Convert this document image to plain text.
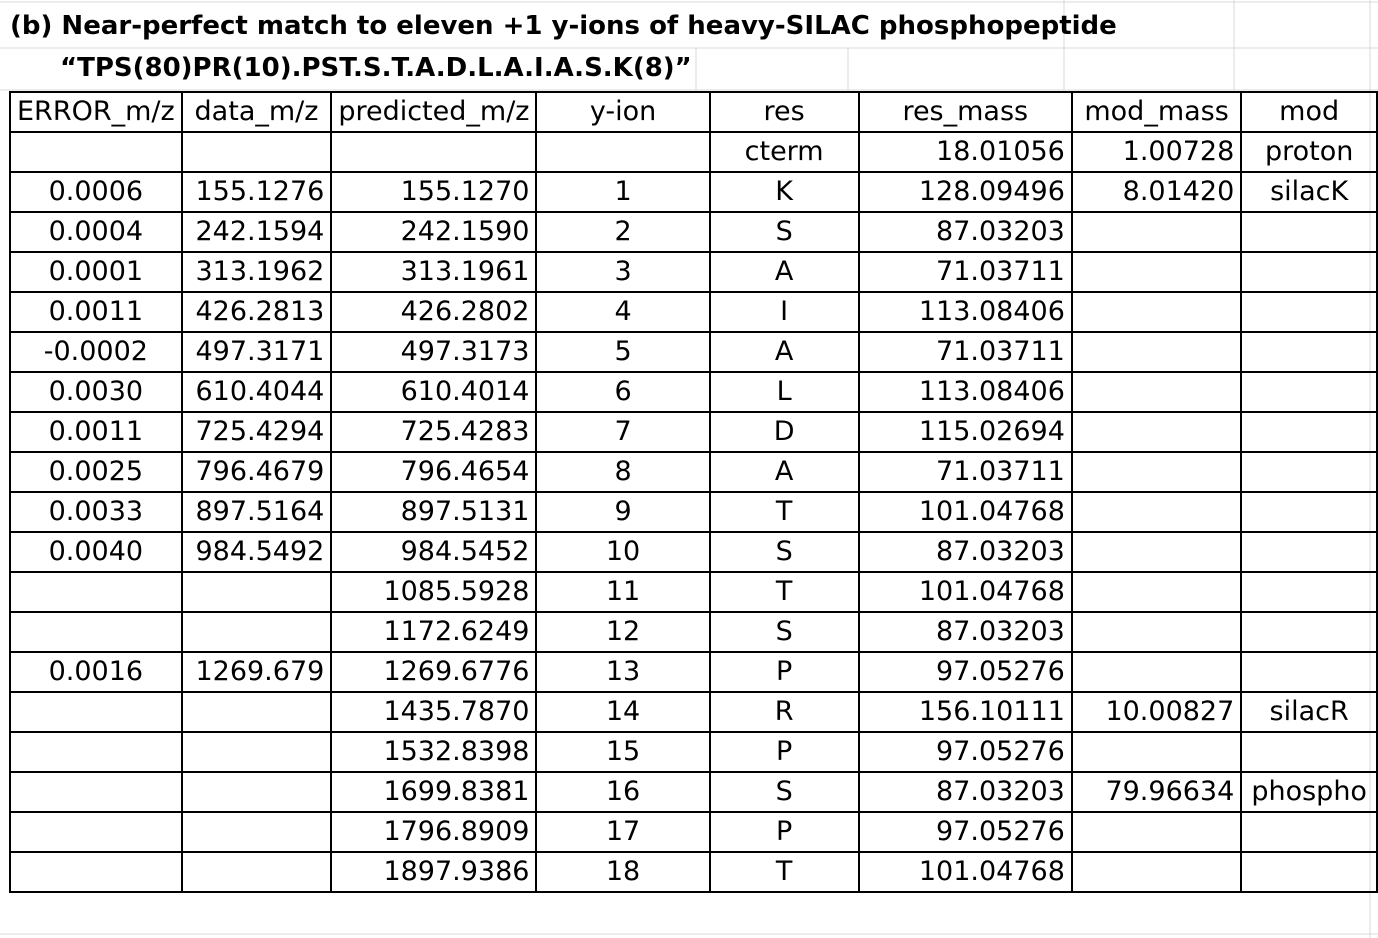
(b) Near-perfect match to eleven +1 y-ions of heavy-SILAC phosphopeptide
“TPS(80)PR(10).PST.S.T.A.D.L.A.I.A.S.K(8)”
ERROR_m/z	data_m/z	predicted_m/z	y-ion	res	res_mass	mod_mass	mod
				cterm	18.01056	1.00728	proton
0.0006	155.1276	155.1270	1	K	128.09496	8.01420	silacK
0.0004	242.1594	242.1590	2	S	87.03203		
0.0001	313.1962	313.1961	3	A	71.03711		
0.0011	426.2813	426.2802	4	I	113.08406		
-0.0002	497.3171	497.3173	5	A	71.03711		
0.0030	610.4044	610.4014	6	L	113.08406		
0.0011	725.4294	725.4283	7	D	115.02694		
0.0025	796.4679	796.4654	8	A	71.03711		
0.0033	897.5164	897.5131	9	T	101.04768		
0.0040	984.5492	984.5452	10	S	87.03203		
		1085.5928	11	T	101.04768		
		1172.6249	12	S	87.03203		
0.0016	1269.679	1269.6776	13	P	97.05276		
		1435.7870	14	R	156.10111	10.00827	silacR
		1532.8398	15	P	97.05276		
		1699.8381	16	S	87.03203	79.96634	phospho
		1796.8909	17	P	97.05276		
		1897.9386	18	T	101.04768		
